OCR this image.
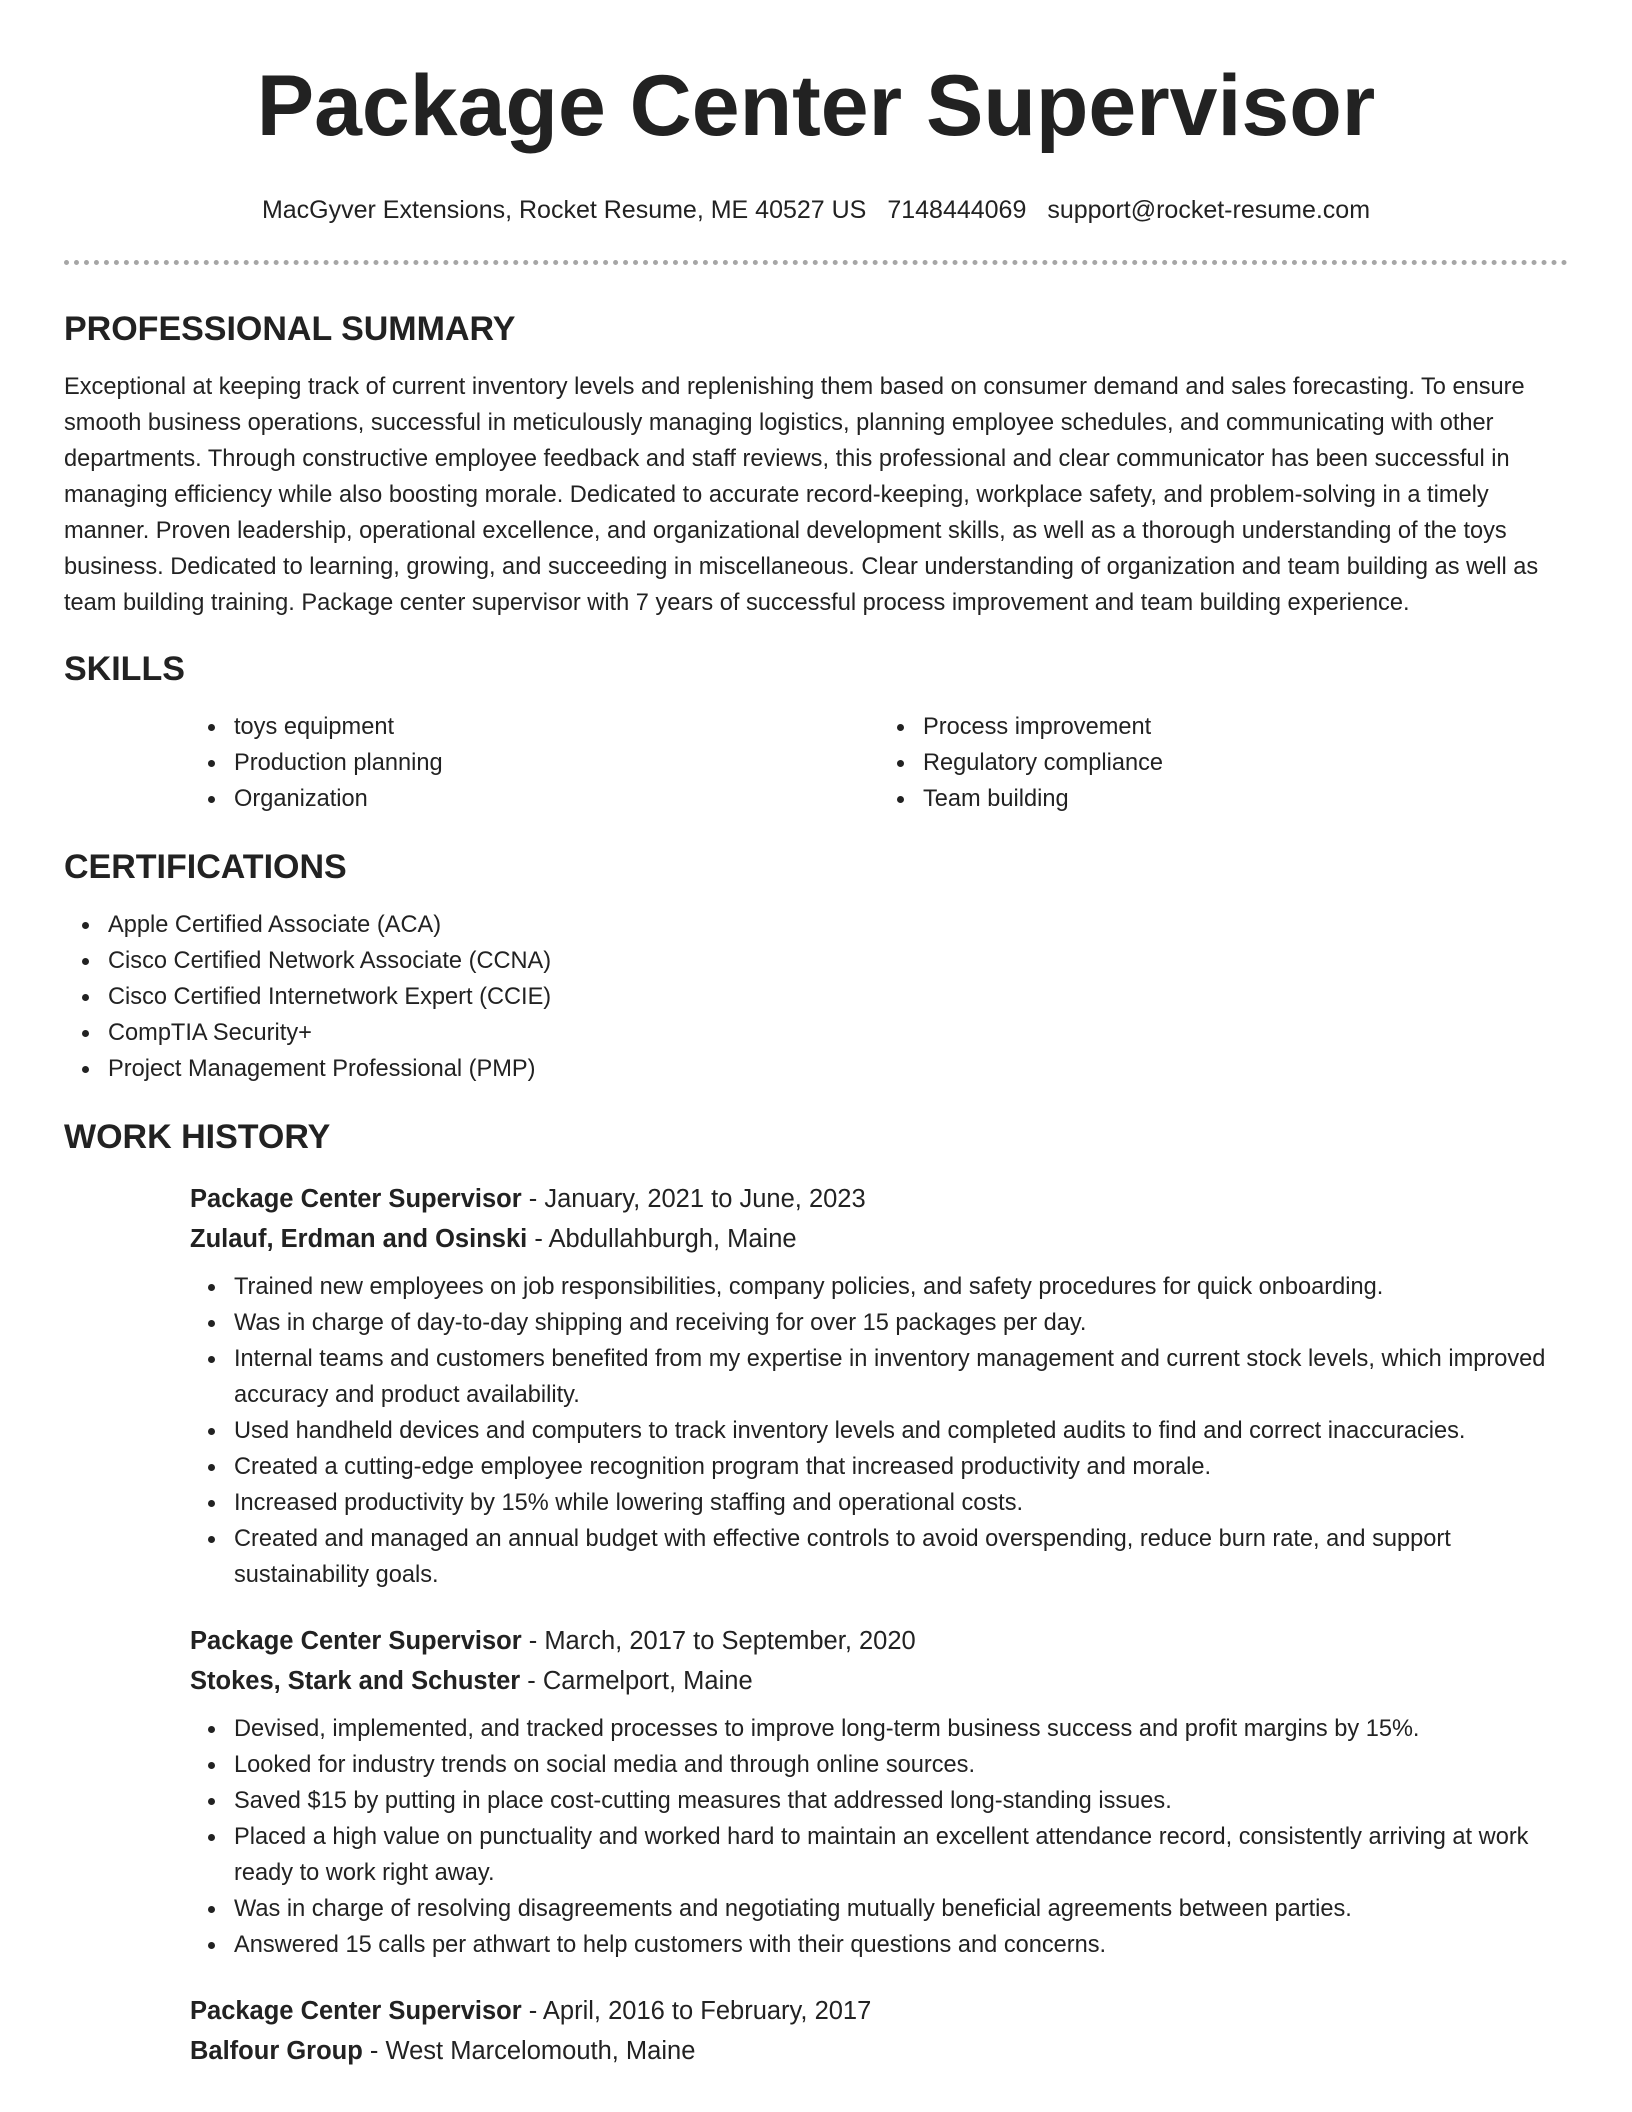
Package Center Supervisor
MacGyver Extensions, Rocket Resume, ME 40527 US 7148444069 support@rocket-resume.com
PROFESSIONAL SUMMARY

Exceptional at keeping track of current inventory levels and replenishing them based on consumer demand and sales forecasting. To ensure smooth business operations, successful in meticulously managing logistics, planning employee schedules, and communicating with other departments. Through constructive employee feedback and staff reviews, this professional and clear communicator has been successful in managing efficiency while also boosting morale. Dedicated to accurate record-keeping, workplace safety, and problem-solving in a timely manner. Proven leadership, operational excellence, and organizational development skills, as well as a thorough understanding of the toys business. Dedicated to learning, growing, and succeeding in miscellaneous. Clear understanding of organization and team building as well as team building training. Package center supervisor with 7 years of successful process improvement and team building experience.

SKILLS
toys equipment
Production planning
Organization
Process improvement
Regulatory compliance
Team building
CERTIFICATIONS
Apple Certified Associate (ACA)
Cisco Certified Network Associate (CCNA)
Cisco Certified Internetwork Expert (CCIE)
CompTIA Security+
Project Management Professional (PMP)
WORK HISTORY
Package Center Supervisor - January, 2021 to June, 2023
Zulauf, Erdman and Osinski - Abdullahburgh, Maine
Trained new employees on job responsibilities, company policies, and safety procedures for quick onboarding.
Was in charge of day-to-day shipping and receiving for over 15 packages per day.
Internal teams and customers benefited from my expertise in inventory management and current stock levels, which improved accuracy and product availability.
Used handheld devices and computers to track inventory levels and completed audits to find and correct inaccuracies.
Created a cutting-edge employee recognition program that increased productivity and morale.
Increased productivity by 15% while lowering staffing and operational costs.
Created and managed an annual budget with effective controls to avoid overspending, reduce burn rate, and support sustainability goals.
Package Center Supervisor - March, 2017 to September, 2020
Stokes, Stark and Schuster - Carmelport, Maine
Devised, implemented, and tracked processes to improve long-term business success and profit margins by 15%.
Looked for industry trends on social media and through online sources.
Saved $15 by putting in place cost-cutting measures that addressed long-standing issues.
Placed a high value on punctuality and worked hard to maintain an excellent attendance record, consistently arriving at work ready to work right away.
Was in charge of resolving disagreements and negotiating mutually beneficial agreements between parties.
Answered 15 calls per athwart to help customers with their questions and concerns.
Package Center Supervisor - April, 2016 to February, 2017
Balfour Group - West Marcelomouth, Maine
